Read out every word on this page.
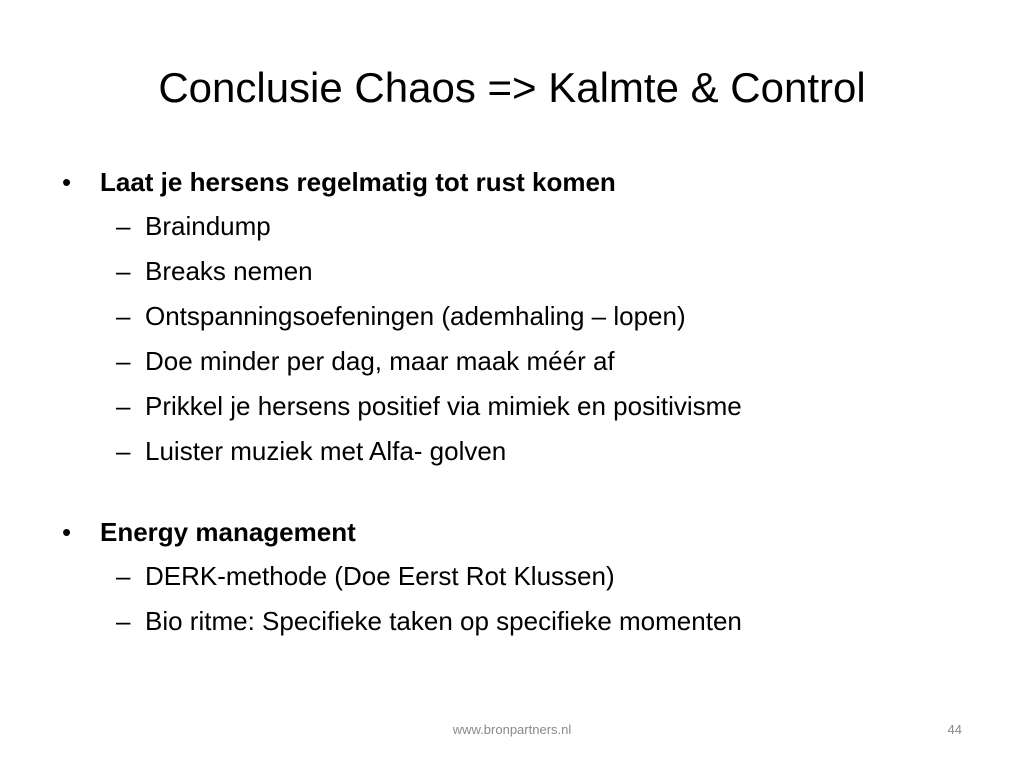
Conclusie Chaos => Kalmte & Control
•	Laat je hersens regelmatig tot rust komen
– Braindump
– Breaks nemen
– Ontspanningsoefeningen (ademhaling – lopen)
– Doe minder per dag, maar maak méér af
– Prikkel je hersens positief via mimiek en positivisme
– Luister muziek met Alfa- golven
•	Energy management
– DERK-methode (Doe Eerst Rot Klussen)
– Bio ritme: Specifieke taken op specifieke momenten
www.bronpartners.nl	44
